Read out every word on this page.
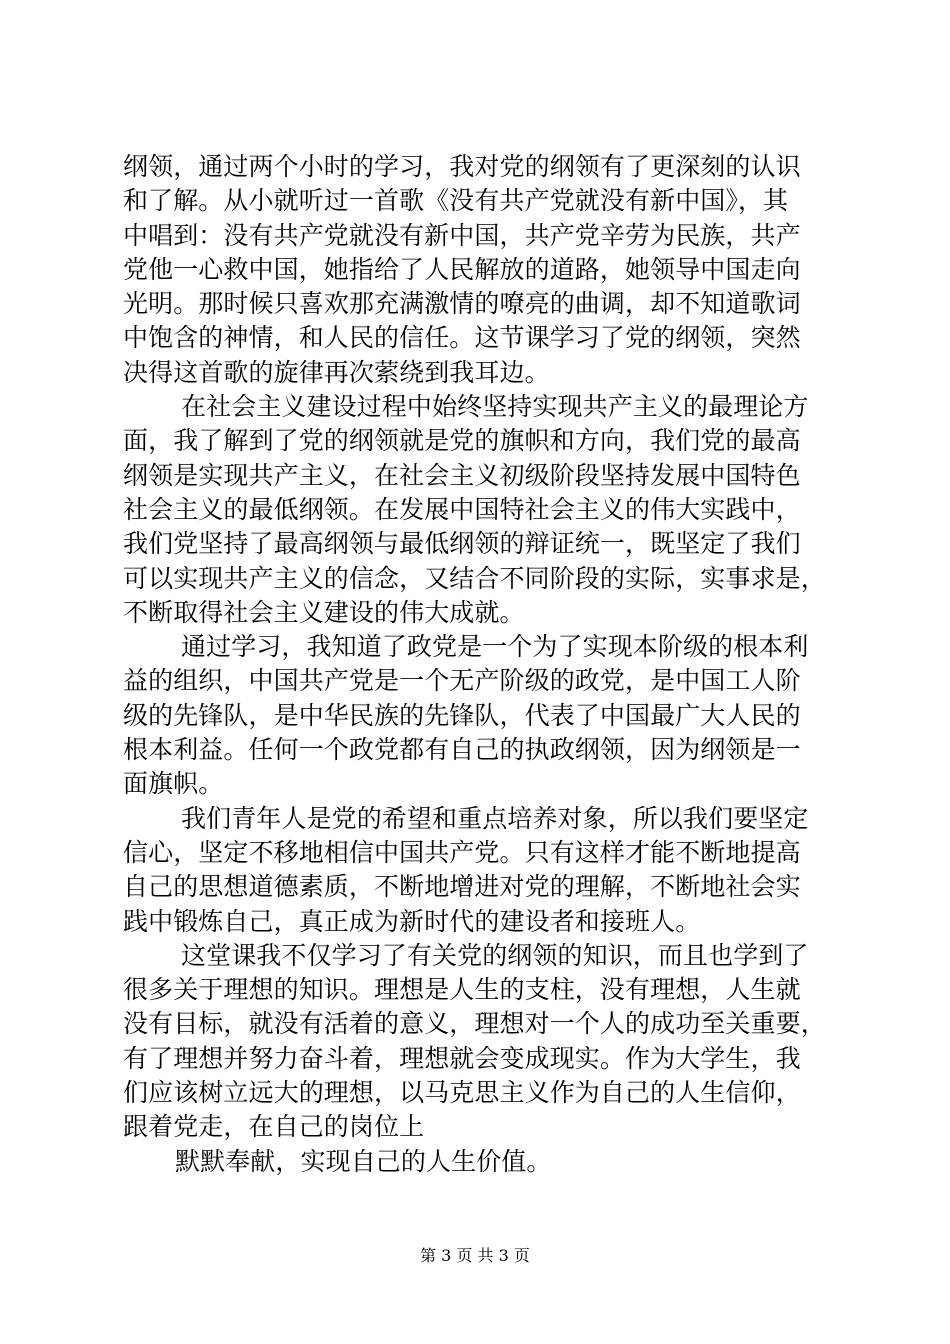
纲领，通过两个小时的学习，我对党的纲领有了更深刻的认识
和了解。从小就听过一首歌《没有共产党就没有新中国》，其
中唱到：没有共产党就没有新中国，共产党辛劳为民族，共产
党他一心救中国，她指给了人民解放的道路，她领导中国走向
光明。那时候只喜欢那充满激情的嘹亮的曲调，却不知道歌词
中饱含的神情，和人民的信任。这节课学习了党的纲领，突然
决得这首歌的旋律再次萦绕到我耳边。
在社会主义建设过程中始终坚持实现共产主义的最理论方
面，我了解到了党的纲领就是党的旗帜和方向，我们党的最高
纲领是实现共产主义，在社会主义初级阶段坚持发展中国特色
社会主义的最低纲领。在发展中国特社会主义的伟大实践中，
我们党坚持了最高纲领与最低纲领的辩证统一，既坚定了我们
可以实现共产主义的信念，又结合不同阶段的实际，实事求是，
不断取得社会主义建设的伟大成就。
通过学习，我知道了政党是一个为了实现本阶级的根本利
益的组织，中国共产党是一个无产阶级的政党，是中国工人阶
级的先锋队，是中华民族的先锋队，代表了中国最广大人民的
根本利益。任何一个政党都有自己的执政纲领，因为纲领是一
面旗帜。
我们青年人是党的希望和重点培养对象，所以我们要坚定
信心，坚定不移地相信中国共产党。只有这样才能不断地提高
自己的思想道德素质，不断地增进对党的理解，不断地社会实
践中锻炼自己，真正成为新时代的建设者和接班人。
这堂课我不仅学习了有关党的纲领的知识，而且也学到了
很多关于理想的知识。理想是人生的支柱，没有理想，人生就
没有目标，就没有活着的意义，理想对一个人的成功至关重要，
有了理想并努力奋斗着，理想就会变成现实。作为大学生，我
们应该树立远大的理想，以马克思主义作为自己的人生信仰，
跟着党走，在自己的岗位上
默默奉献，实现自己的人生价值。
第 3 页 共 3 页
